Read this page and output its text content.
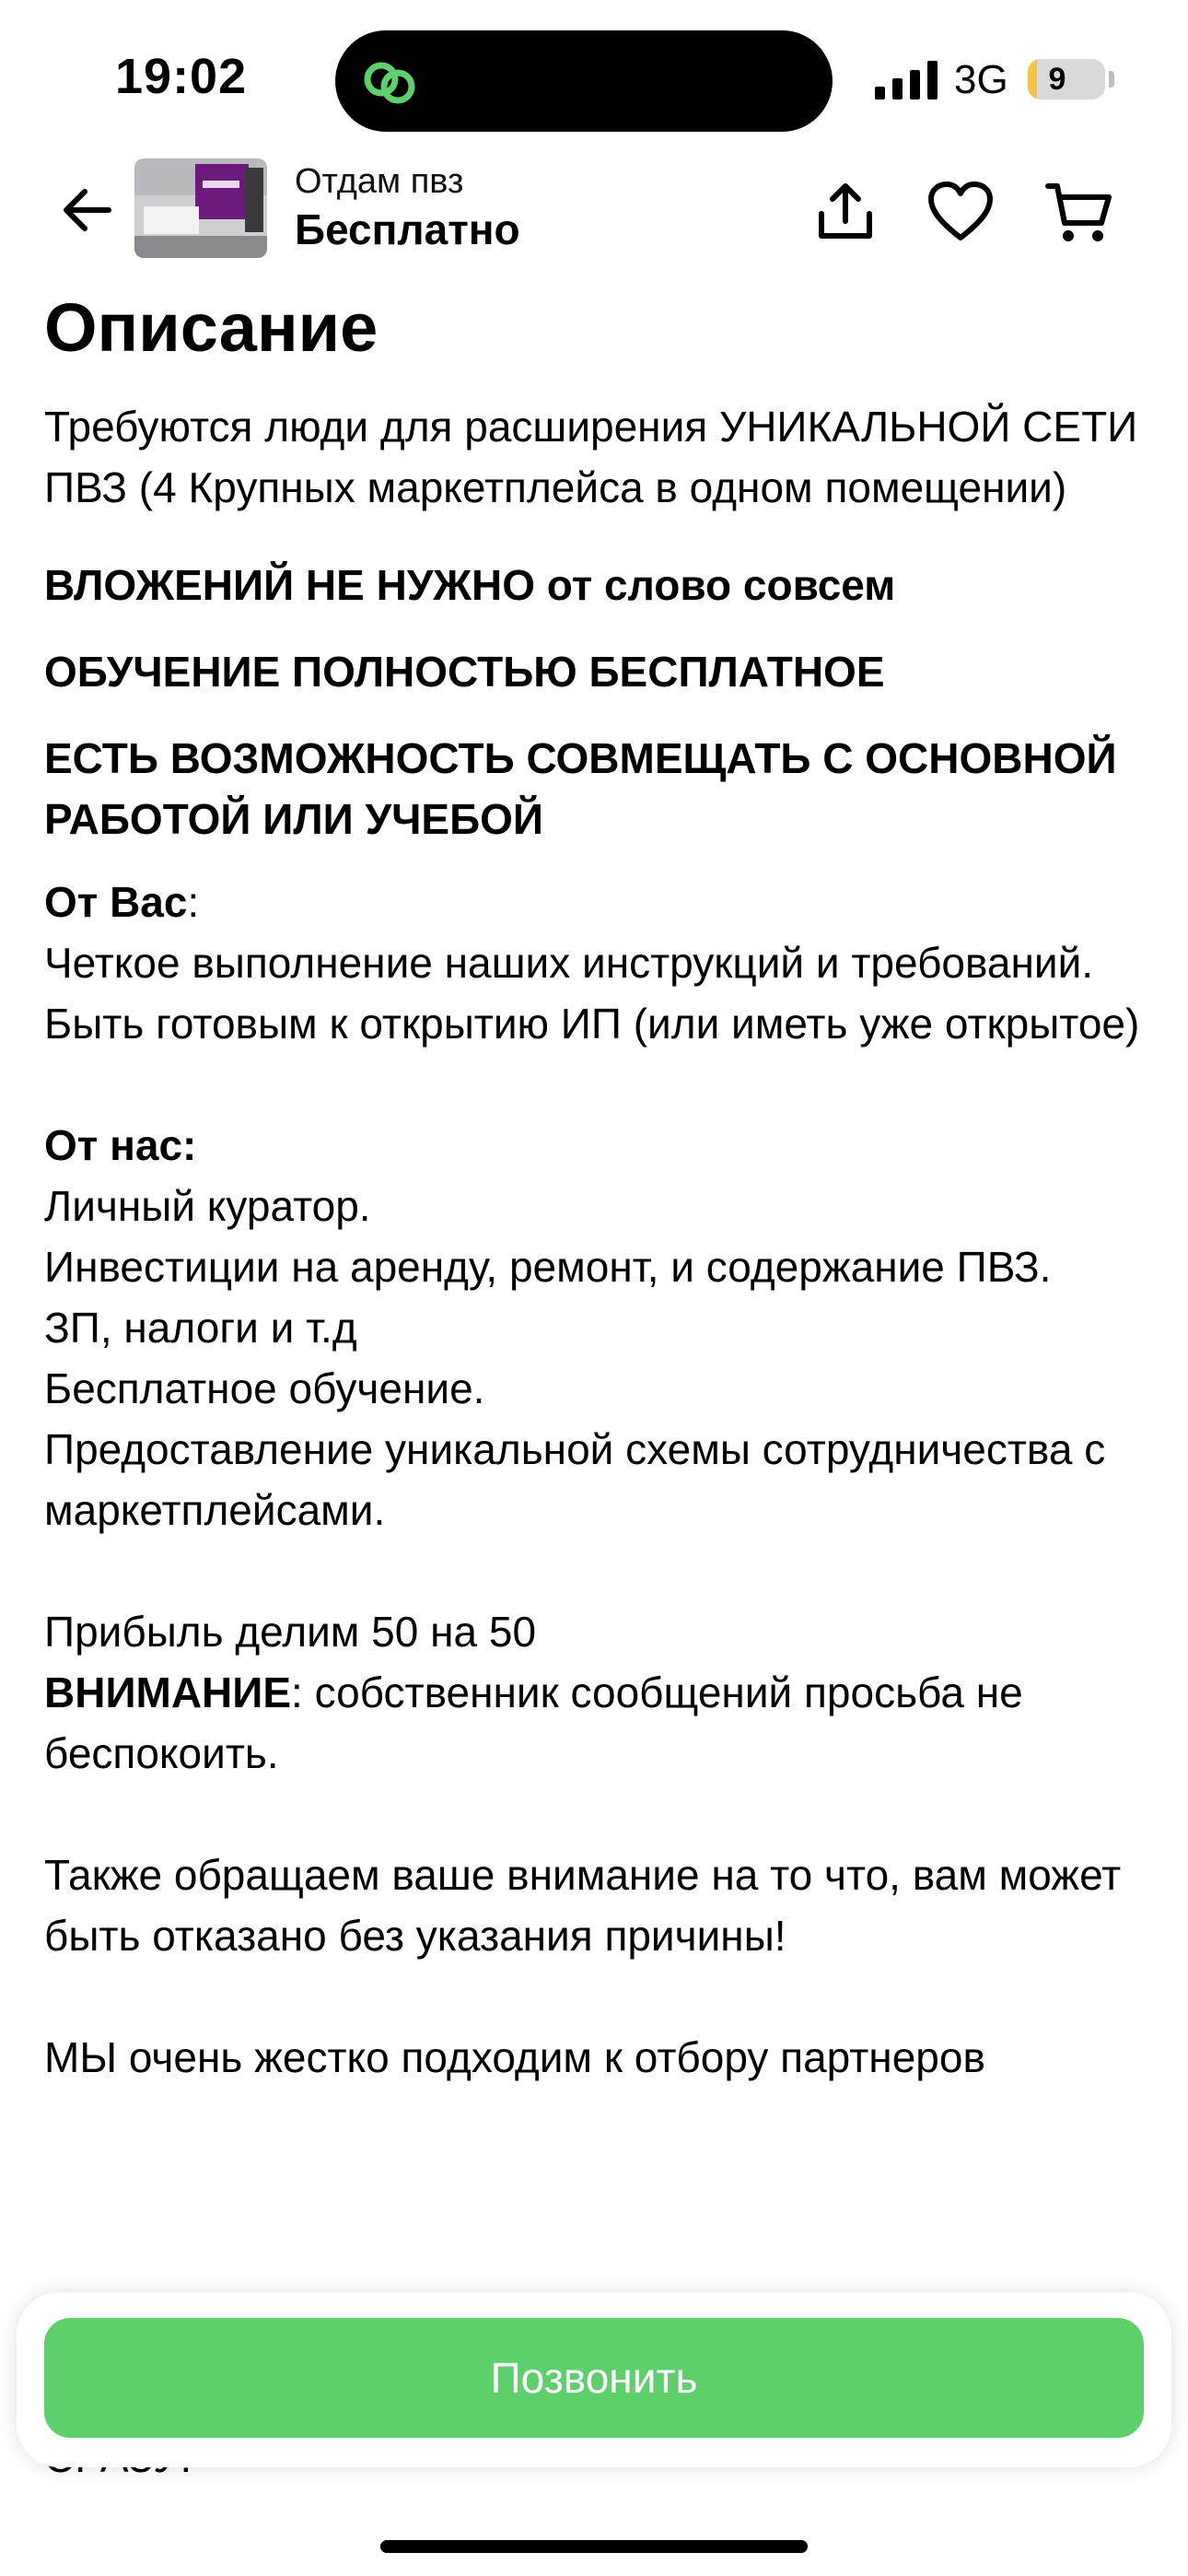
19:02	3G	9
Отдам пвз
Бесплатно
Описание

Требуются люди для расширения УНИКАЛЬНОЙ СЕТИ ПВЗ (4 Крупных маркетплейса в одном помещении)

ВЛОЖЕНИЙ НЕ НУЖНО от слово совсем

ОБУЧЕНИЕ ПОЛНОСТЬЮ БЕСПЛАТНОЕ

ЕСТЬ ВОЗМОЖНОСТЬ СОВМЕЩАТЬ С ОСНОВНОЙ РАБОТОЙ ИЛИ УЧЕБОЙ

От Вас:

Четкое выполнение наших инструкций и требований.

Быть готовым к открытию ИП (или иметь уже открытое)

От нас:

Личный куратор.

Инвестиции на аренду, ремонт, и содержание ПВЗ.

ЗП, налоги и т.д

Бесплатное обучение.

Предоставление уникальной схемы сотрудничества с маркетплейсами.

Прибыль делим 50 на 50

ВНИМАНИЕ: собственник сообщений просьба не беспокоить.

Также обращаем ваше внимание на то что, вам может быть отказано без указания причины!

МЫ очень жестко подходим к отбору партнеров

Позвонить
